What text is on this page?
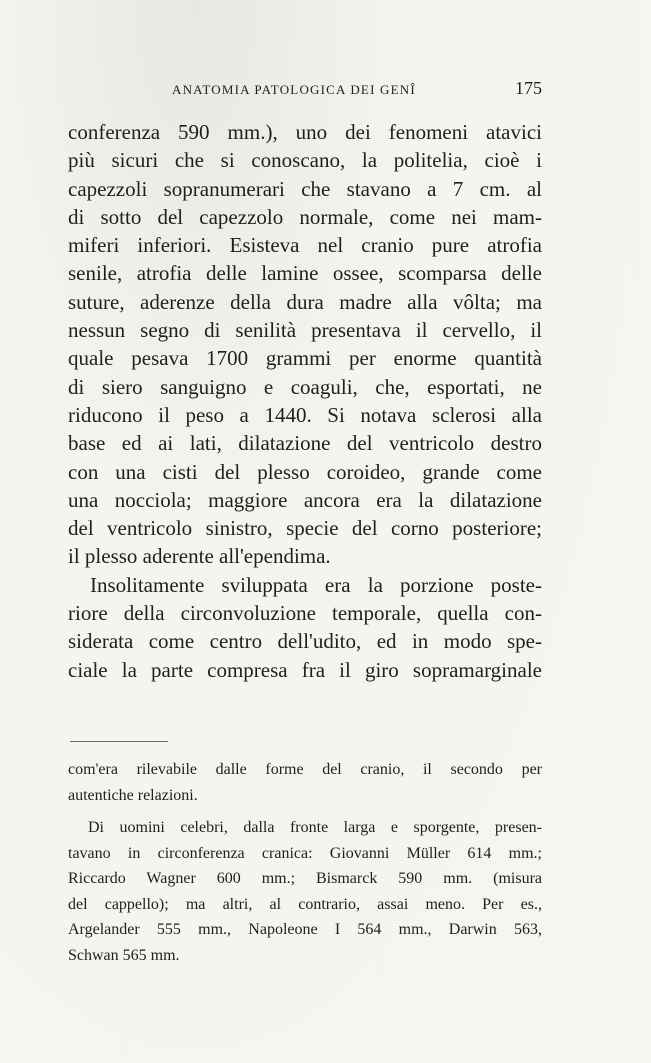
ANATOMIA PATOLOGICA DEI GENÎ	175
conferenza 590 mm.), uno dei fenomeni atavici
più sicuri che si conoscano, la politelia, cioè i
capezzoli sopranumerari che stavano a 7 cm. al
di sotto del capezzolo normale, come nei mam-
miferi inferiori. Esisteva nel cranio pure atrofia
senile, atrofia delle lamine ossee, scomparsa delle
suture, aderenze della dura madre alla vôlta; ma
nessun segno di senilità presentava il cervello, il
quale pesava 1700 grammi per enorme quantità
di siero sanguigno e coaguli, che, esportati, ne
riducono il peso a 1440. Si notava sclerosi alla
base ed ai lati, dilatazione del ventricolo destro
con una cisti del plesso coroideo, grande come
una nocciola; maggiore ancora era la dilatazione
del ventricolo sinistro, specie del corno posteriore;
il plesso aderente all'ependima.
Insolitamente sviluppata era la porzione poste-
riore della circonvoluzione temporale, quella con-
siderata come centro dell'udito, ed in modo spe-
ciale la parte compresa fra il giro sopramarginale
com'era rilevabile dalle forme del cranio, il secondo per
autentiche relazioni.
Di uomini celebri, dalla fronte larga e sporgente, presen-
tavano in circonferenza cranica: Giovanni Müller 614 mm.;
Riccardo Wagner 600 mm.; Bismarck 590 mm. (misura
del cappello); ma altri, al contrario, assai meno. Per es.,
Argelander 555 mm., Napoleone I 564 mm., Darwin 563,
Schwan 565 mm.
